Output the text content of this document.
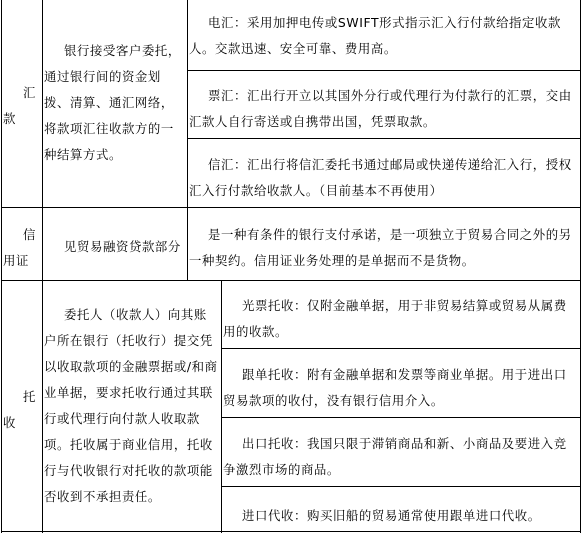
汇
款
银行接受客户委托，
通过银行间的资金划
拨、清算、通汇网络，
将款项汇往收款方的一
种结算方式。
电汇：采用加押电传或SWIFT形式指示汇入行付款给指定收款
人。交款迅速、安全可靠、费用高。
票汇：汇出行开立以其国外分行或代理行为付款行的汇票，交由
汇款人自行寄送或自携带出国，凭票取款。
信汇：汇出行将信汇委托书通过邮局或快递传递给汇入行，授权
汇入行付款给收款人。（目前基本不再使用）
信
用证
见贸易融资贷款部分
是一种有条件的银行支付承诺，是一项独立于贸易合同之外的另
一种契约。信用证业务处理的是单据而不是货物。
托
收
委托人（收款人）向其账
户所在银行（托收行）提交凭
以收取款项的金融票据或/和商
业单据，要求托收行通过其联
行或代理行向付款人收取款
项。托收属于商业信用，托收
行与代收银行对托收的款项能
否收到不承担责任。
光票托收：仅附金融单据，用于非贸易结算或贸易从属费
用的收款。
跟单托收：附有金融单据和发票等商业单据。用于进出口
贸易款项的收付，没有银行信用介入。
出口托收：我国只限于滞销商品和新、小商品及要进入竞
争激烈市场的商品。
进口代收：购买旧船的贸易通常使用跟单进口代收。
